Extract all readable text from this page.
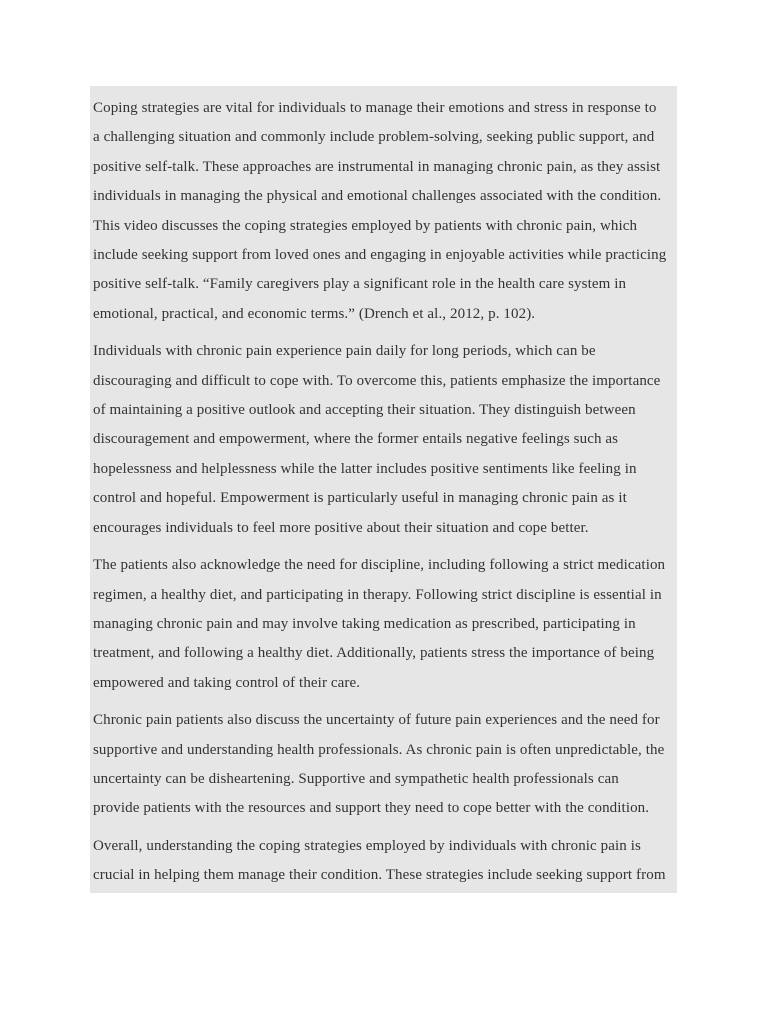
Coping strategies are vital for individuals to manage their emotions and stress in response to
a challenging situation and commonly include problem-solving, seeking public support, and
positive self-talk. These approaches are instrumental in managing chronic pain, as they assist
individuals in managing the physical and emotional challenges associated with the condition.
This video discusses the coping strategies employed by patients with chronic pain, which
include seeking support from loved ones and engaging in enjoyable activities while practicing
positive self-talk. “Family caregivers play a significant role in the health care system in
emotional, practical, and economic terms.” (Drench et al., 2012, p. 102).
Individuals with chronic pain experience pain daily for long periods, which can be
discouraging and difficult to cope with. To overcome this, patients emphasize the importance
of maintaining a positive outlook and accepting their situation. They distinguish between
discouragement and empowerment, where the former entails negative feelings such as
hopelessness and helplessness while the latter includes positive sentiments like feeling in
control and hopeful. Empowerment is particularly useful in managing chronic pain as it
encourages individuals to feel more positive about their situation and cope better.
The patients also acknowledge the need for discipline, including following a strict medication
regimen, a healthy diet, and participating in therapy. Following strict discipline is essential in
managing chronic pain and may involve taking medication as prescribed, participating in
treatment, and following a healthy diet. Additionally, patients stress the importance of being
empowered and taking control of their care.
Chronic pain patients also discuss the uncertainty of future pain experiences and the need for
supportive and understanding health professionals. As chronic pain is often unpredictable, the
uncertainty can be disheartening. Supportive and sympathetic health professionals can
provide patients with the resources and support they need to cope better with the condition.
Overall, understanding the coping strategies employed by individuals with chronic pain is
crucial in helping them manage their condition. These strategies include seeking support from
